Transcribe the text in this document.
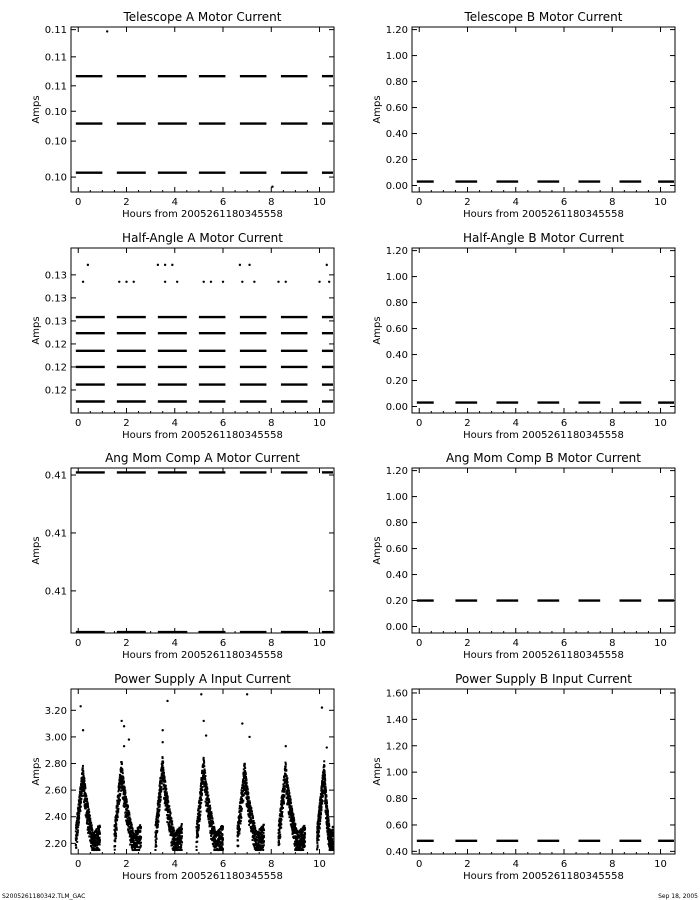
Telescope A Motor Current
0	2	4	6	8	10
0.10
0.10
0.10
0.11
0.11
0.11
Hours from 2005261180345558
Amps
Telescope B Motor Current
0	2	4	6	8	10
0.00
0.20
0.40
0.60
0.80
1.00
1.20
Hours from 2005261180345558
Amps
Half-Angle A Motor Current
0	2	4	6	8	10
0.12
0.12
0.12
0.13
0.13
0.13
Hours from 2005261180345558
Amps
Half-Angle B Motor Current
0	2	4	6	8	10
0.00
0.20
0.40
0.60
0.80
1.00
1.20
Hours from 2005261180345558
Amps
Ang Mom Comp A Motor Current
0	2	4	6	8	10
0.41
0.41
0.41
Hours from 2005261180345558
Amps
Ang Mom Comp B Motor Current
0	2	4	6	8	10
0.00
0.20
0.40
0.60
0.80
1.00
1.20
Hours from 2005261180345558
Amps
Power Supply A Input Current
0	2	4	6	8	10
2.20
2.40
2.60
2.80
3.00
3.20
Hours from 2005261180345558
Amps
Power Supply B Input Current
0	2	4	6	8	10
0.40
0.60
0.80
1.00
1.20
1.40
1.60
Hours from 2005261180345558
Amps
S2005261180342.TLM_GAC	Sep 18, 2005
